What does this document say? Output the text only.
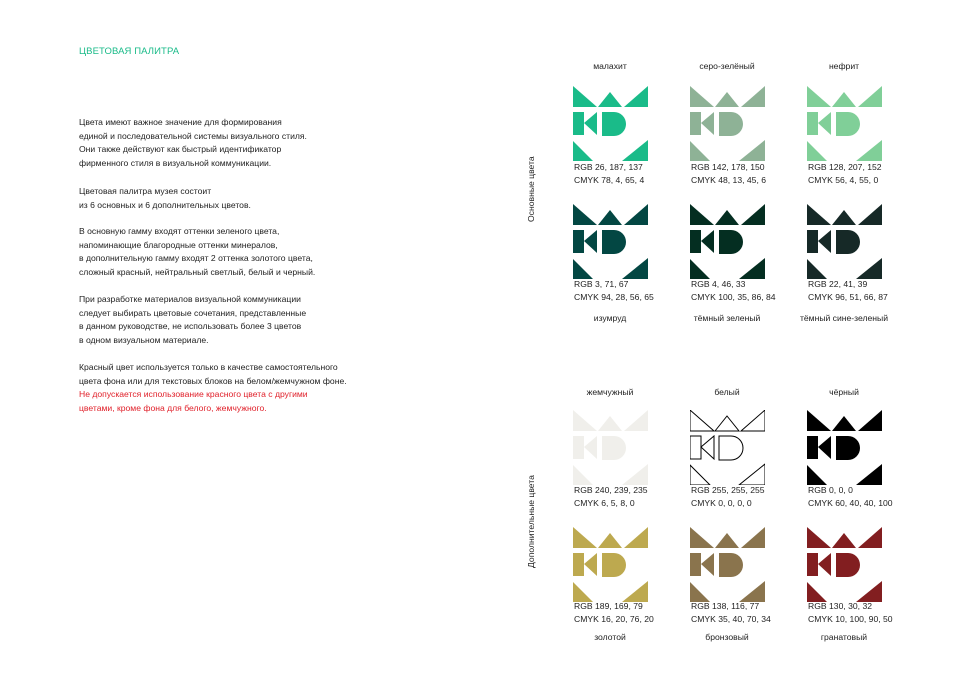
ЦВЕТОВАЯ ПАЛИТРА
Цвета имеют важное значение для формирования
единой и последовательной системы визуального стиля.
Они также действуют как быстрый идентификатор
фирменного стиля в визуальной коммуникации.
Цветовая палитра музея состоит
из 6 основных и 6 дополнительных цветов.
В основную гамму входят оттенки зеленого цвета,
напоминающие благородные оттенки минералов,
в дополнительную гамму входят 2 оттенка золотого цвета,
сложный красный, нейтральный светлый, белый и черный.
При разработке материалов визуальной коммуникации
следует выбирать цветовые сочетания, представленные
в данном руководстве, не использовать более 3 цветов
в одном визуальном материале.
Красный цвет используется только в качестве самостоятельного
цвета фона или для текстовых блоков на белом/жемчужном фоне.
Не допускается использование красного цвета с другими
цветами, кроме фона для белого, жемчужного.
Основные цвета
Дополнительные цвета
RGB 26, 187, 137
CMYK 78, 4, 65, 4
малахит
RGB 142, 178, 150
CMYK 48, 13, 45, 6
серо-зелёный
RGB 128, 207, 152
CMYK 56, 4, 55, 0
нефрит
RGB 3, 71, 67
CMYK 94, 28, 56, 65
изумруд
RGB 4, 46, 33
CMYK 100, 35, 86, 84
тёмный зеленый
RGB 22, 41, 39
CMYK 96, 51, 66, 87
тёмный сине-зеленый
RGB 240, 239, 235
CMYK 6, 5, 8, 0
жемчужный
RGB 255, 255, 255
CMYK 0, 0, 0, 0
белый
RGB 0, 0, 0
CMYK 60, 40, 40, 100
чёрный
RGB 189, 169, 79
CMYK 16, 20, 76, 20
золотой
RGB 138, 116, 77
CMYK 35, 40, 70, 34
бронзовый
RGB 130, 30, 32
CMYK 10, 100, 90, 50
гранатовый
